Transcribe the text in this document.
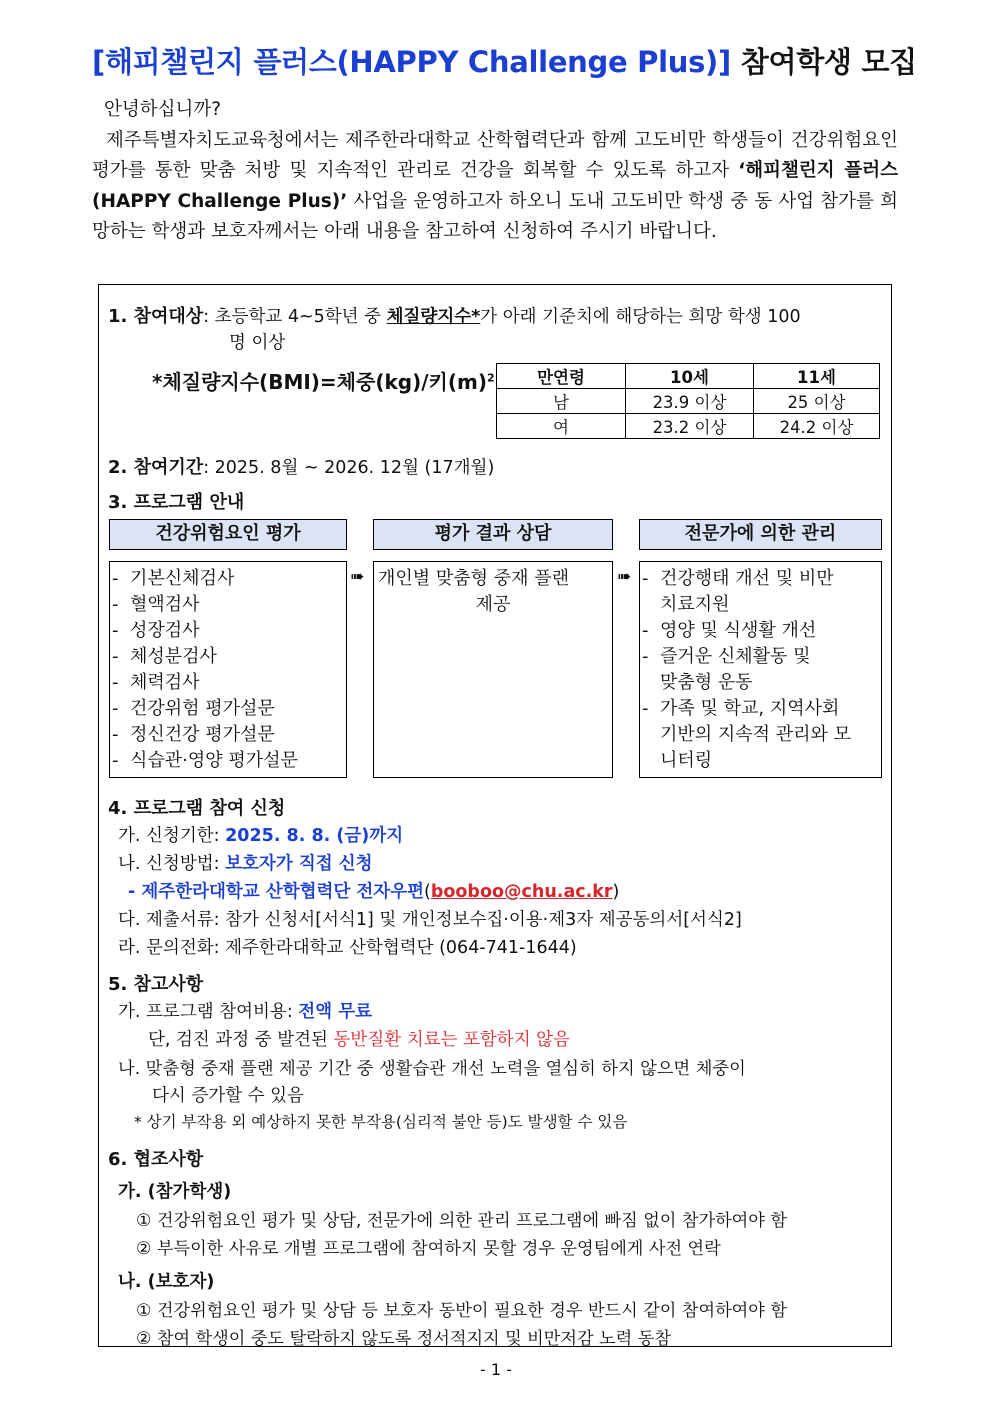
[해피챌린지 플러스(HAPPY Challenge Plus)] 참여학생 모집

안녕하십니까?

제주특별자치도교육청에서는 제주한라대학교 산학협력단과 함께 고도비만 학생들이 건강위험요인 평가를 통한 맞춤 처방 및 지속적인 관리로 건강을 회복할 수 있도록 하고자 ‘해피챌린지 플러스 (HAPPY Challenge Plus)’ 사업을 운영하고자 하오니 도내 고도비만 학생 중 동 사업 참가를 희망하는 학생과 보호자께서는 아래 내용을 참고하여 신청하여 주시기 바랍니다.

1. 참여대상: 초등학교 4~5학년 중 체질량지수*가 아래 기준치에 해당하는 희망 학생 100
명 이상
*체질량지수(BMI)=체중(kg)/키$(m)^2$	만연령	10세	11세
남	23.9 이상	25 이상
여	23.2 이상	24.2 이상
2. 참여기간: 2025. 8월 ~ 2026. 12월 (17개월)
3. 프로그램 안내
건강위험요인 평가	평가 결과 상담	전문가에 의한 관리
- 기본신체검사
- 혈액검사
- 성장검사
- 체성분검사
- 체력검사
- 건강위험 평가설문
- 정신건강 평가설문
- 식습관·영양 평가설문
➠ 개인별 맞춤형 중재 플랜
제공
➠ - 건강행태 개선 및 비만
치료지원
- 영양 및 식생활 개선
- 즐거운 신체활동 및
맞춤형 운동
- 가족 및 학교, 지역사회
기반의 지속적 관리와 모니터링
4. 프로그램 참여 신청
가. 신청기한: 2025. 8. 8. (금)까지
나. 신청방법: 보호자가 직접 신청
- 제주한라대학교 산학협력단 전자우편(booboo@chu.ac.kr)
다. 제출서류: 참가 신청서[서식1] 및 개인정보수집·이용·제3자 제공동의서[서식2]
라. 문의전화: 제주한라대학교 산학협력단 (064-741-1644)
5. 참고사항
가. 프로그램 참여비용: 전액 무료
단, 검진 과정 중 발견된 동반질환 치료는 포함하지 않음
나. 맞춤형 중재 플랜 제공 기간 중 생활습관 개선 노력을 열심히 하지 않으면 체중이
다시 증가할 수 있음
* 상기 부작용 외 예상하지 못한 부작용(심리적 불안 등)도 발생할 수 있음
6. 협조사항
가. (참가학생)
① 건강위험요인 평가 및 상담, 전문가에 의한 관리 프로그램에 빠짐 없이 참가하여야 함
② 부득이한 사유로 개별 프로그램에 참여하지 못할 경우 운영팀에게 사전 연락
나. (보호자)
① 건강위험요인 평가 및 상담 등 보호자 동반이 필요한 경우 반드시 같이 참여하여야 함
② 참여 학생이 중도 탈락하지 않도록 정서적지지 및 비만저감 노력 동참
- 1 -
